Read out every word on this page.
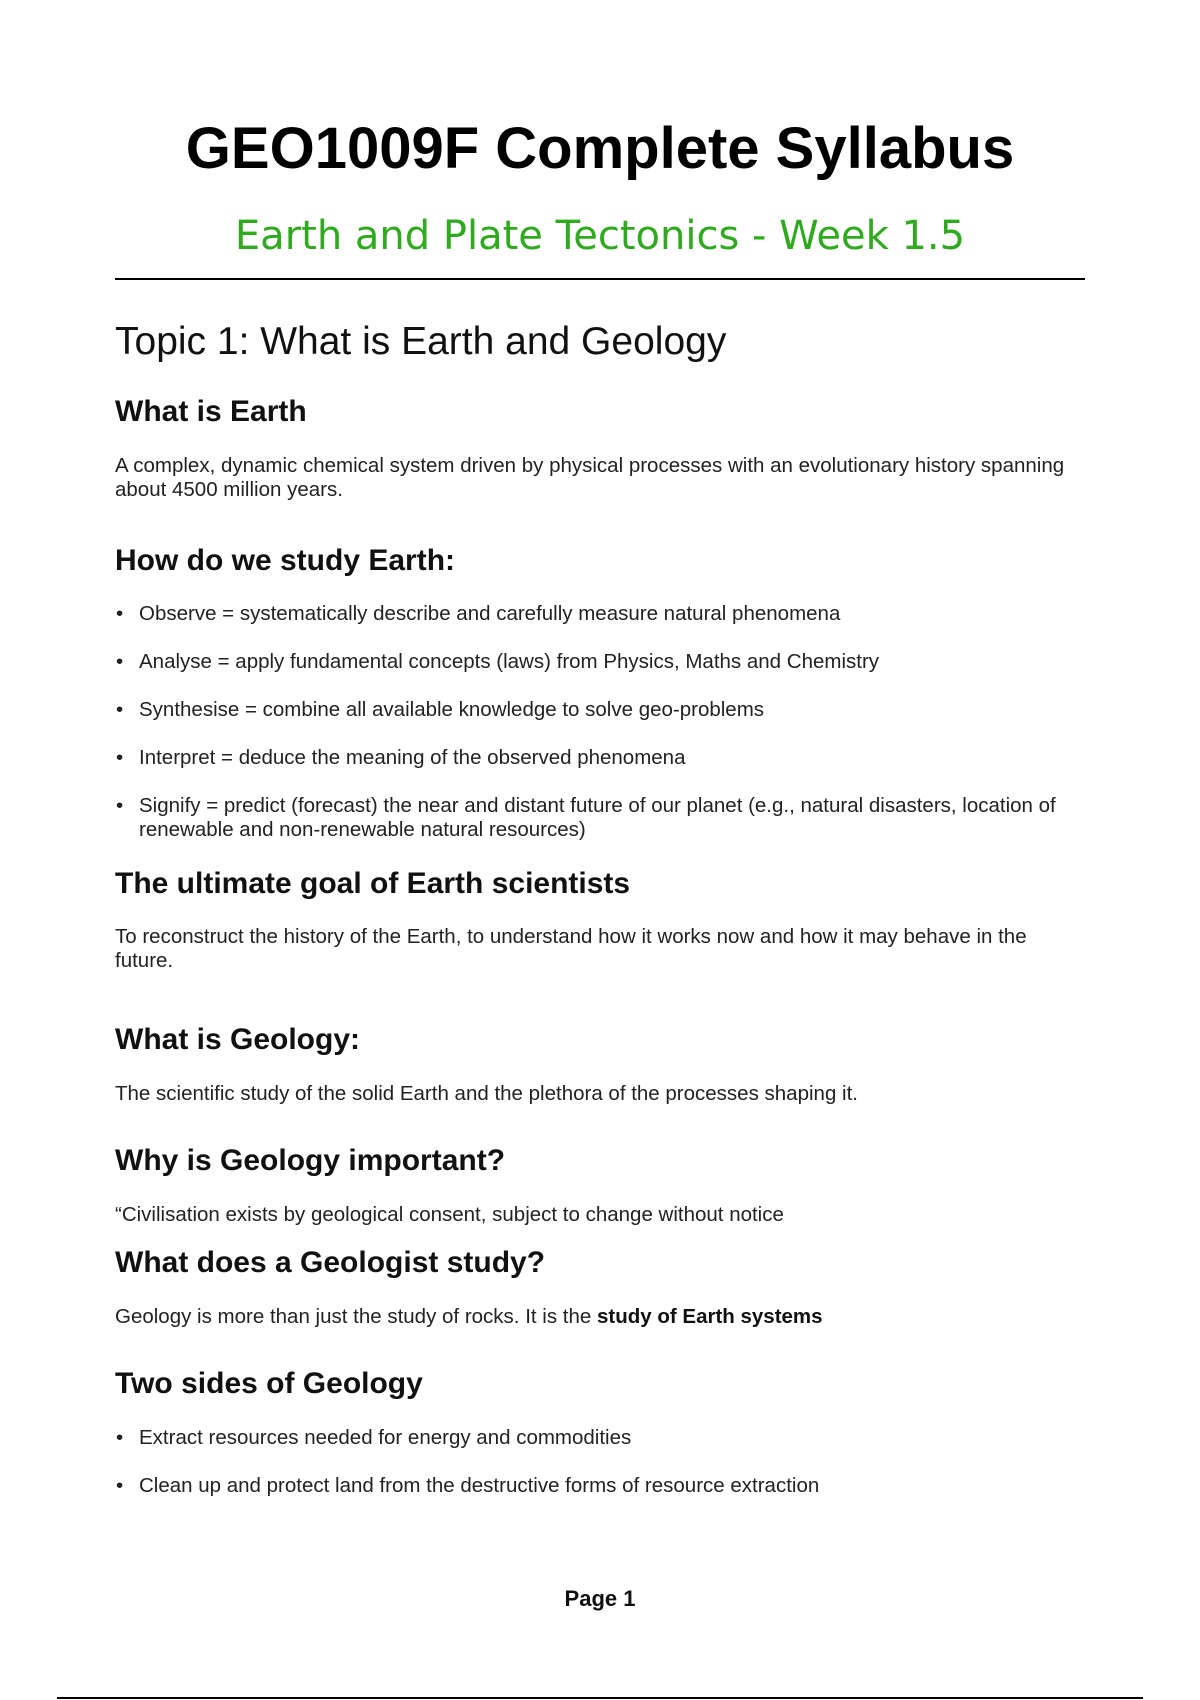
GEO1009F Complete Syllabus
Earth and Plate Tectonics - Week 1.5
Topic 1: What is Earth and Geology
What is Earth

A complex, dynamic chemical system driven by physical processes with an evolutionary history spanning about 4500 million years.

How do we study Earth:
• Observe = systematically describe and carefully measure natural phenomena
• Analyse = apply fundamental concepts (laws) from Physics, Maths and Chemistry
• Synthesise = combine all available knowledge to solve geo-problems
• Interpret = deduce the meaning of the observed phenomena
• Signify = predict (forecast) the near and distant future of our planet (e.g., natural disasters, location of renewable and non-renewable natural resources)
The ultimate goal of Earth scientists

To reconstruct the history of the Earth, to understand how it works now and how it may behave in the future.

What is Geology:

The scientific study of the solid Earth and the plethora of the processes shaping it.

Why is Geology important?

“Civilisation exists by geological consent, subject to change without notice

What does a Geologist study?

Geology is more than just the study of rocks. It is the study of Earth systems

Two sides of Geology
• Extract resources needed for energy and commodities
• Clean up and protect land from the destructive forms of resource extraction
Page 1
